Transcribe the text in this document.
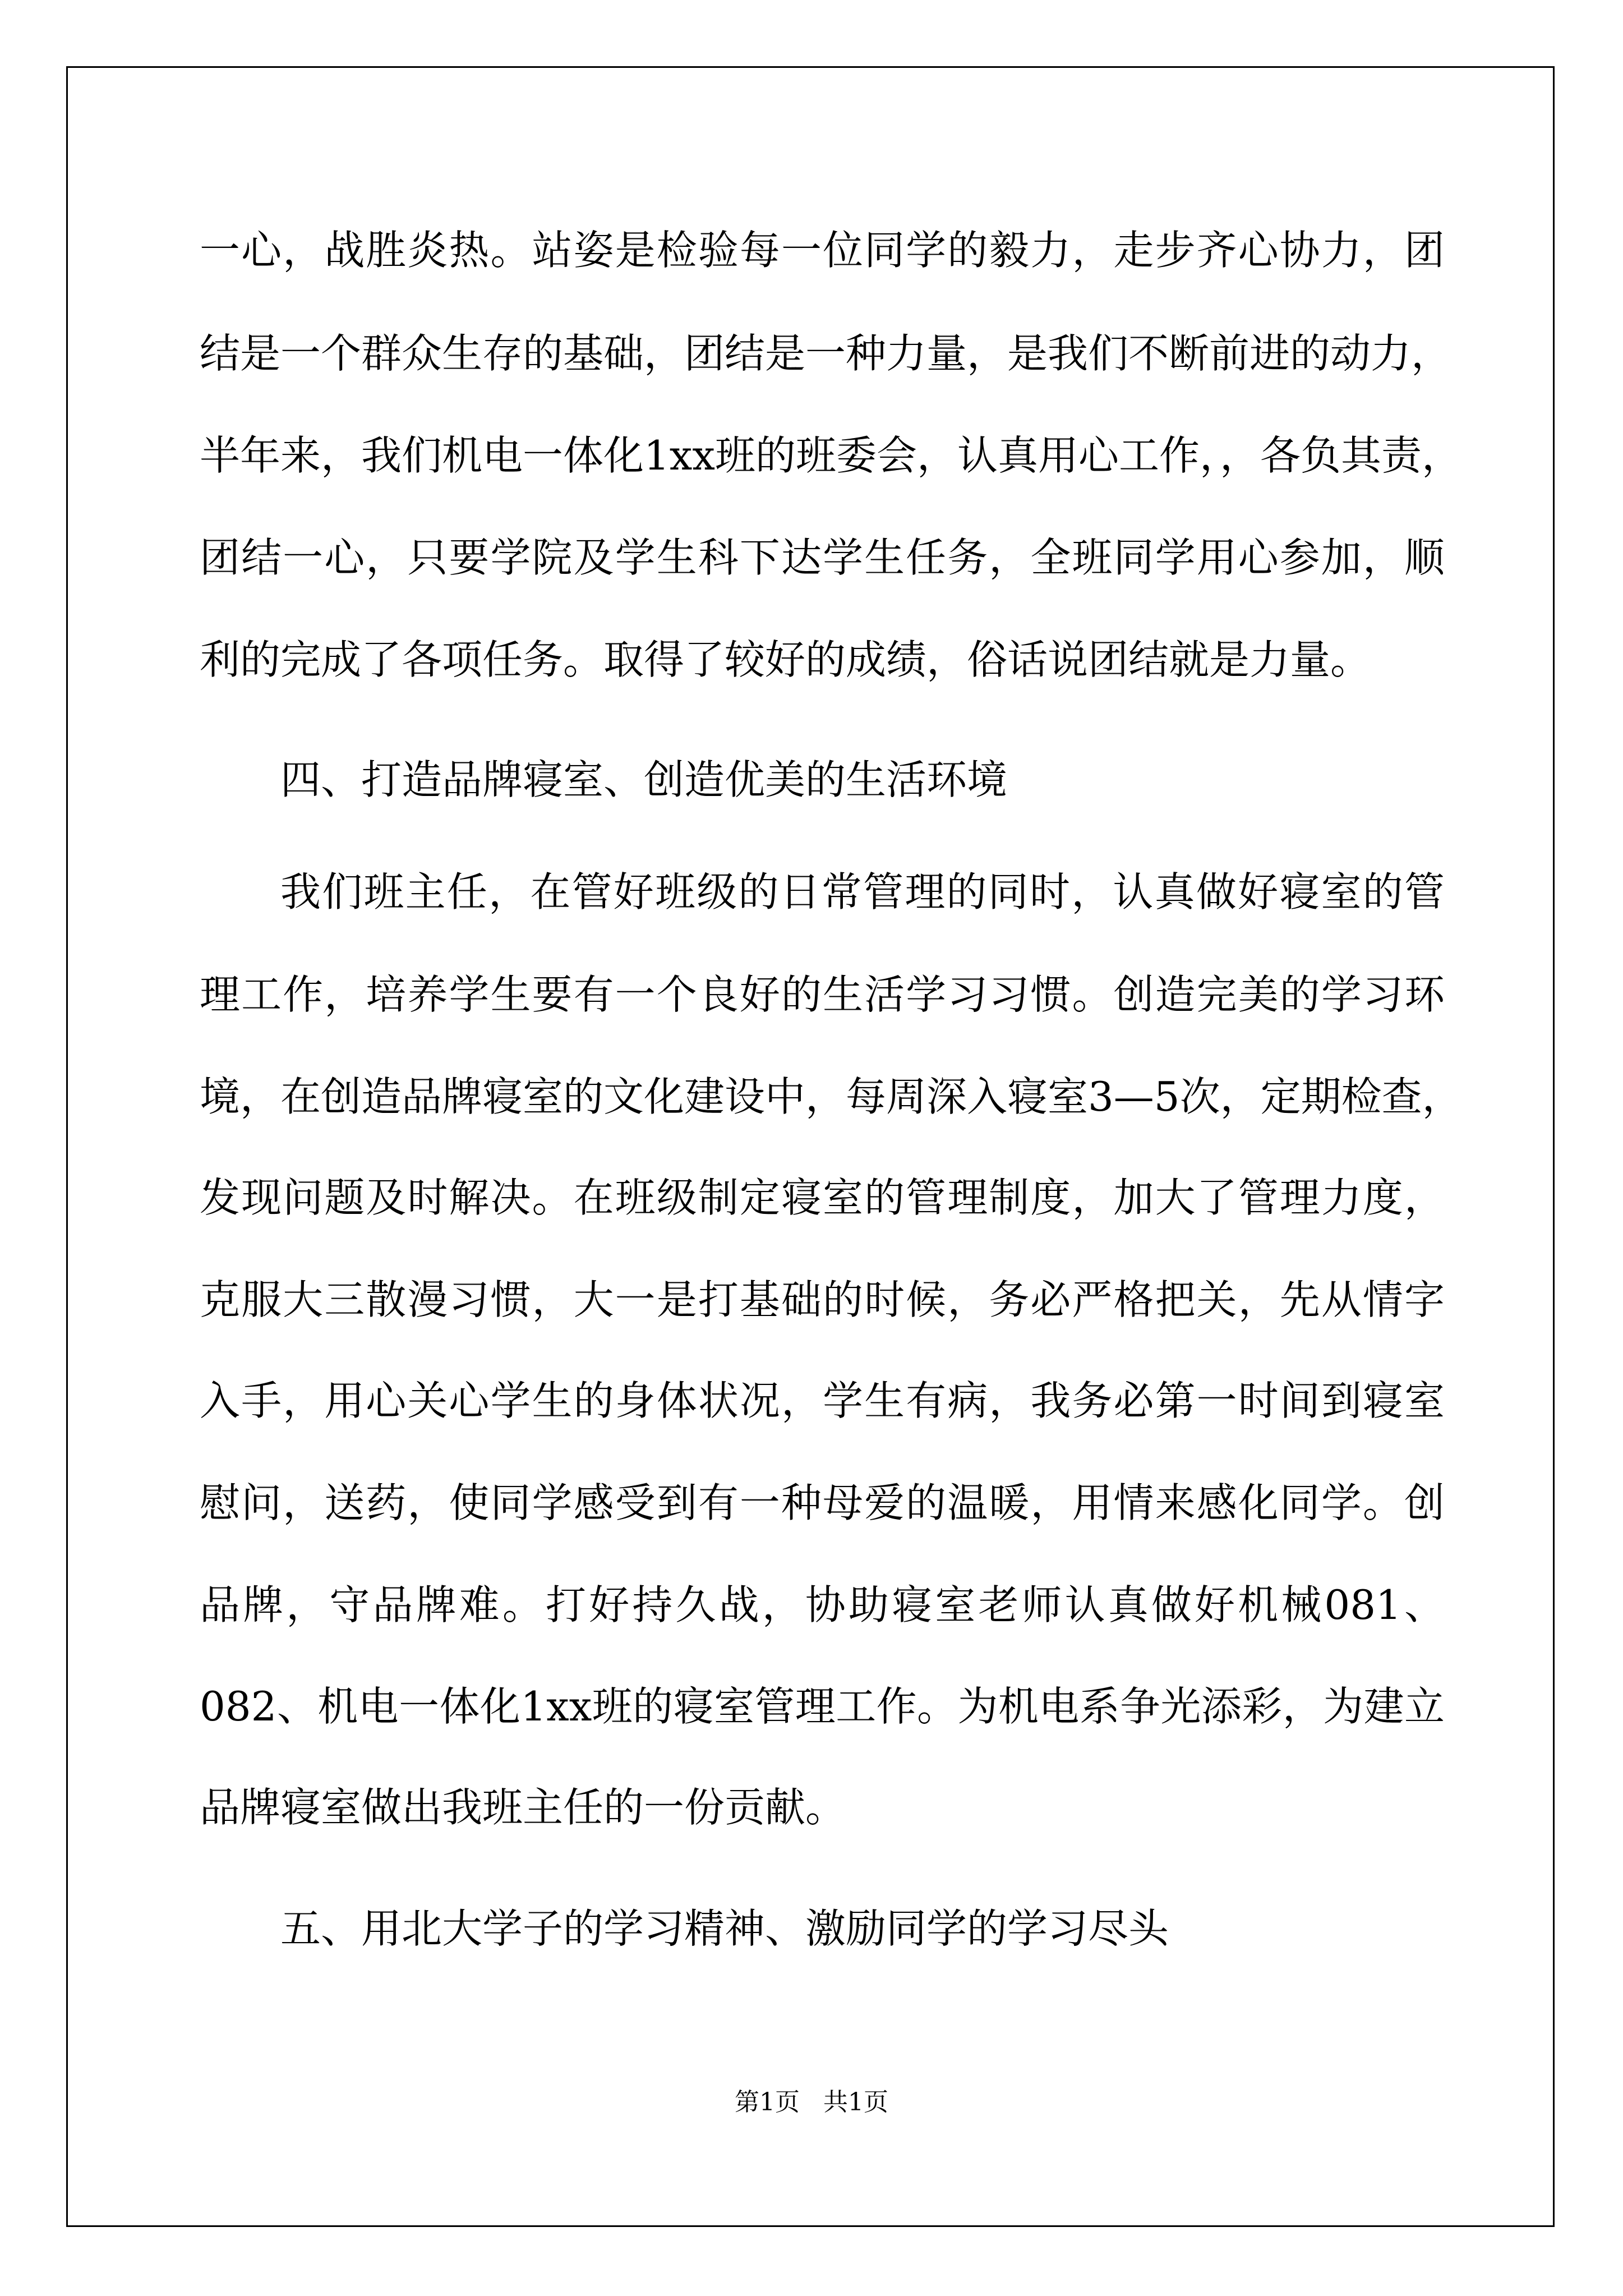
一心，战胜炎热。站姿是检验每一位同学的毅力，走步齐心协力，团
结是一个群众生存的基础，团结是一种力量，是我们不断前进的动力，
半年来，我们机电一体化1xx班的班委会，认真用心工作，，各负其责，
团结一心，只要学院及学生科下达学生任务，全班同学用心参加，顺
利的完成了各项任务。取得了较好的成绩，俗话说团结就是力量。
四、打造品牌寝室、创造优美的生活环境
我们班主任，在管好班级的日常管理的同时，认真做好寝室的管
理工作，培养学生要有一个良好的生活学习习惯。创造完美的学习环
境，在创造品牌寝室的文化建设中，每周深入寝室3—5次，定期检查，
发现问题及时解决。在班级制定寝室的管理制度，加大了管理力度，
克服大三散漫习惯，大一是打基础的时候，务必严格把关，先从情字
入手，用心关心学生的身体状况，学生有病，我务必第一时间到寝室
慰问，送药，使同学感受到有一种母爱的温暖，用情来感化同学。创
品牌，守品牌难。打好持久战，协助寝室老师认真做好机械081、
082、机电一体化1xx班的寝室管理工作。为机电系争光添彩，为建立
品牌寝室做出我班主任的一份贡献。
五、用北大学子的学习精神、激励同学的学习尽头
第1页   共1页
